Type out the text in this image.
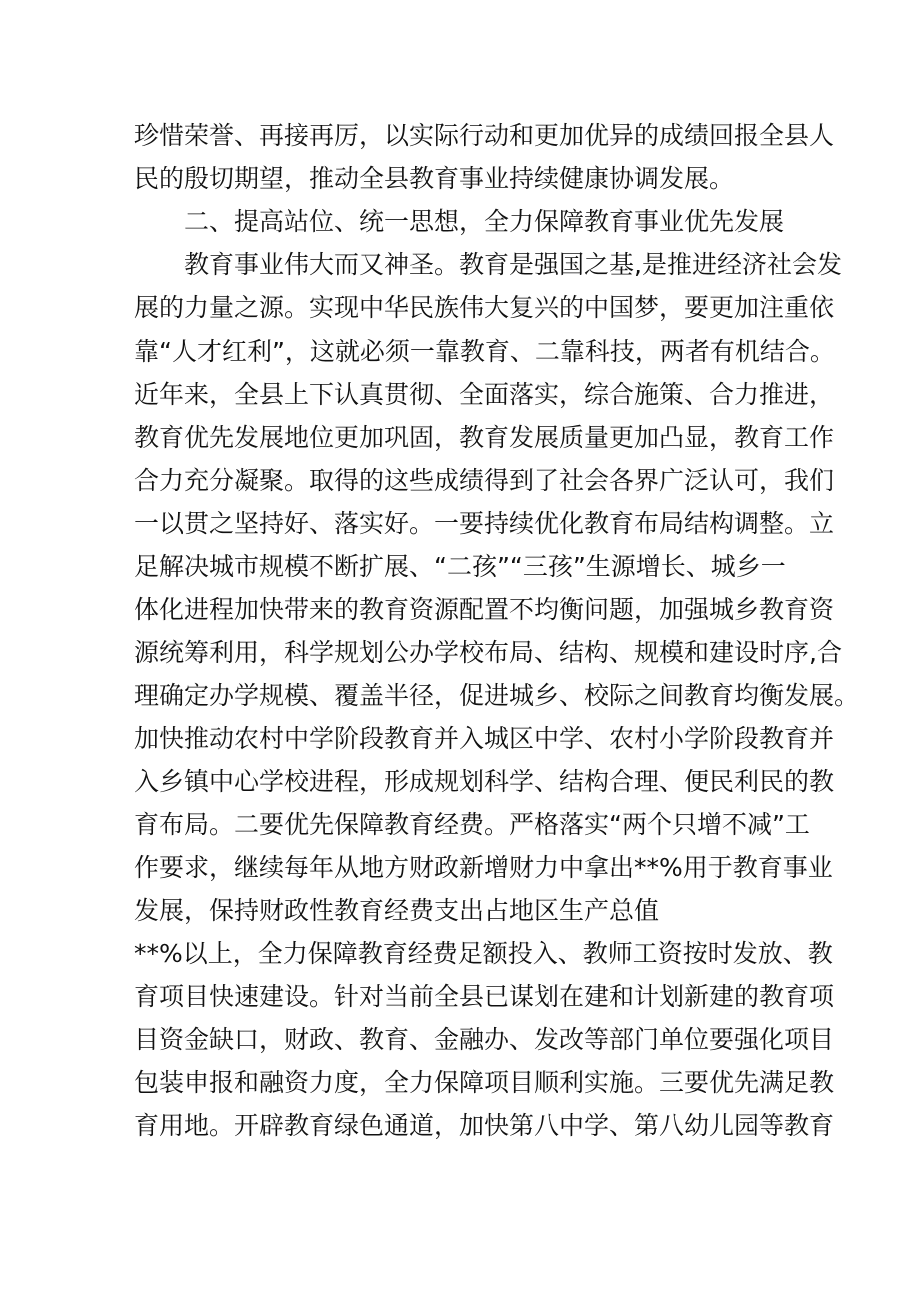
珍惜荣誉、再接再厉，以实际行动和更加优异的成绩回报全县人
民的殷切期望，推动全县教育事业持续健康协调发展。
二、提高站位、统一思想，全力保障教育事业优先发展
教育事业伟大而又神圣。教育是强国之基,是推进经济社会发
展的力量之源。实现中华民族伟大复兴的中国梦，要更加注重依
靠“人才红利”，这就必须一靠教育、二靠科技，两者有机结合。
近年来，全县上下认真贯彻、全面落实，综合施策、合力推进，
教育优先发展地位更加巩固，教育发展质量更加凸显，教育工作
合力充分凝聚。取得的这些成绩得到了社会各界广泛认可，我们
一以贯之坚持好、落实好。一要持续优化教育布局结构调整。立
足解决城市规模不断扩展、“二孩”“三孩”生源增长、城乡一
体化进程加快带来的教育资源配置不均衡问题，加强城乡教育资
源统筹利用，科学规划公办学校布局、结构、规模和建设时序,合
理确定办学规模、覆盖半径，促进城乡、校际之间教育均衡发展。
加快推动农村中学阶段教育并入城区中学、农村小学阶段教育并
入乡镇中心学校进程，形成规划科学、结构合理、便民利民的教
育布局。二要优先保障教育经费。严格落实“两个只增不减”工
作要求，继续每年从地方财政新增财力中拿出**%用于教育事业
发展，保持财政性教育经费支出占地区生产总值
**%以上，全力保障教育经费足额投入、教师工资按时发放、教
育项目快速建设。针对当前全县已谋划在建和计划新建的教育项
目资金缺口，财政、教育、金融办、发改等部门单位要强化项目
包装申报和融资力度，全力保障项目顺利实施。三要优先满足教
育用地。开辟教育绿色通道，加快第八中学、第八幼儿园等教育
